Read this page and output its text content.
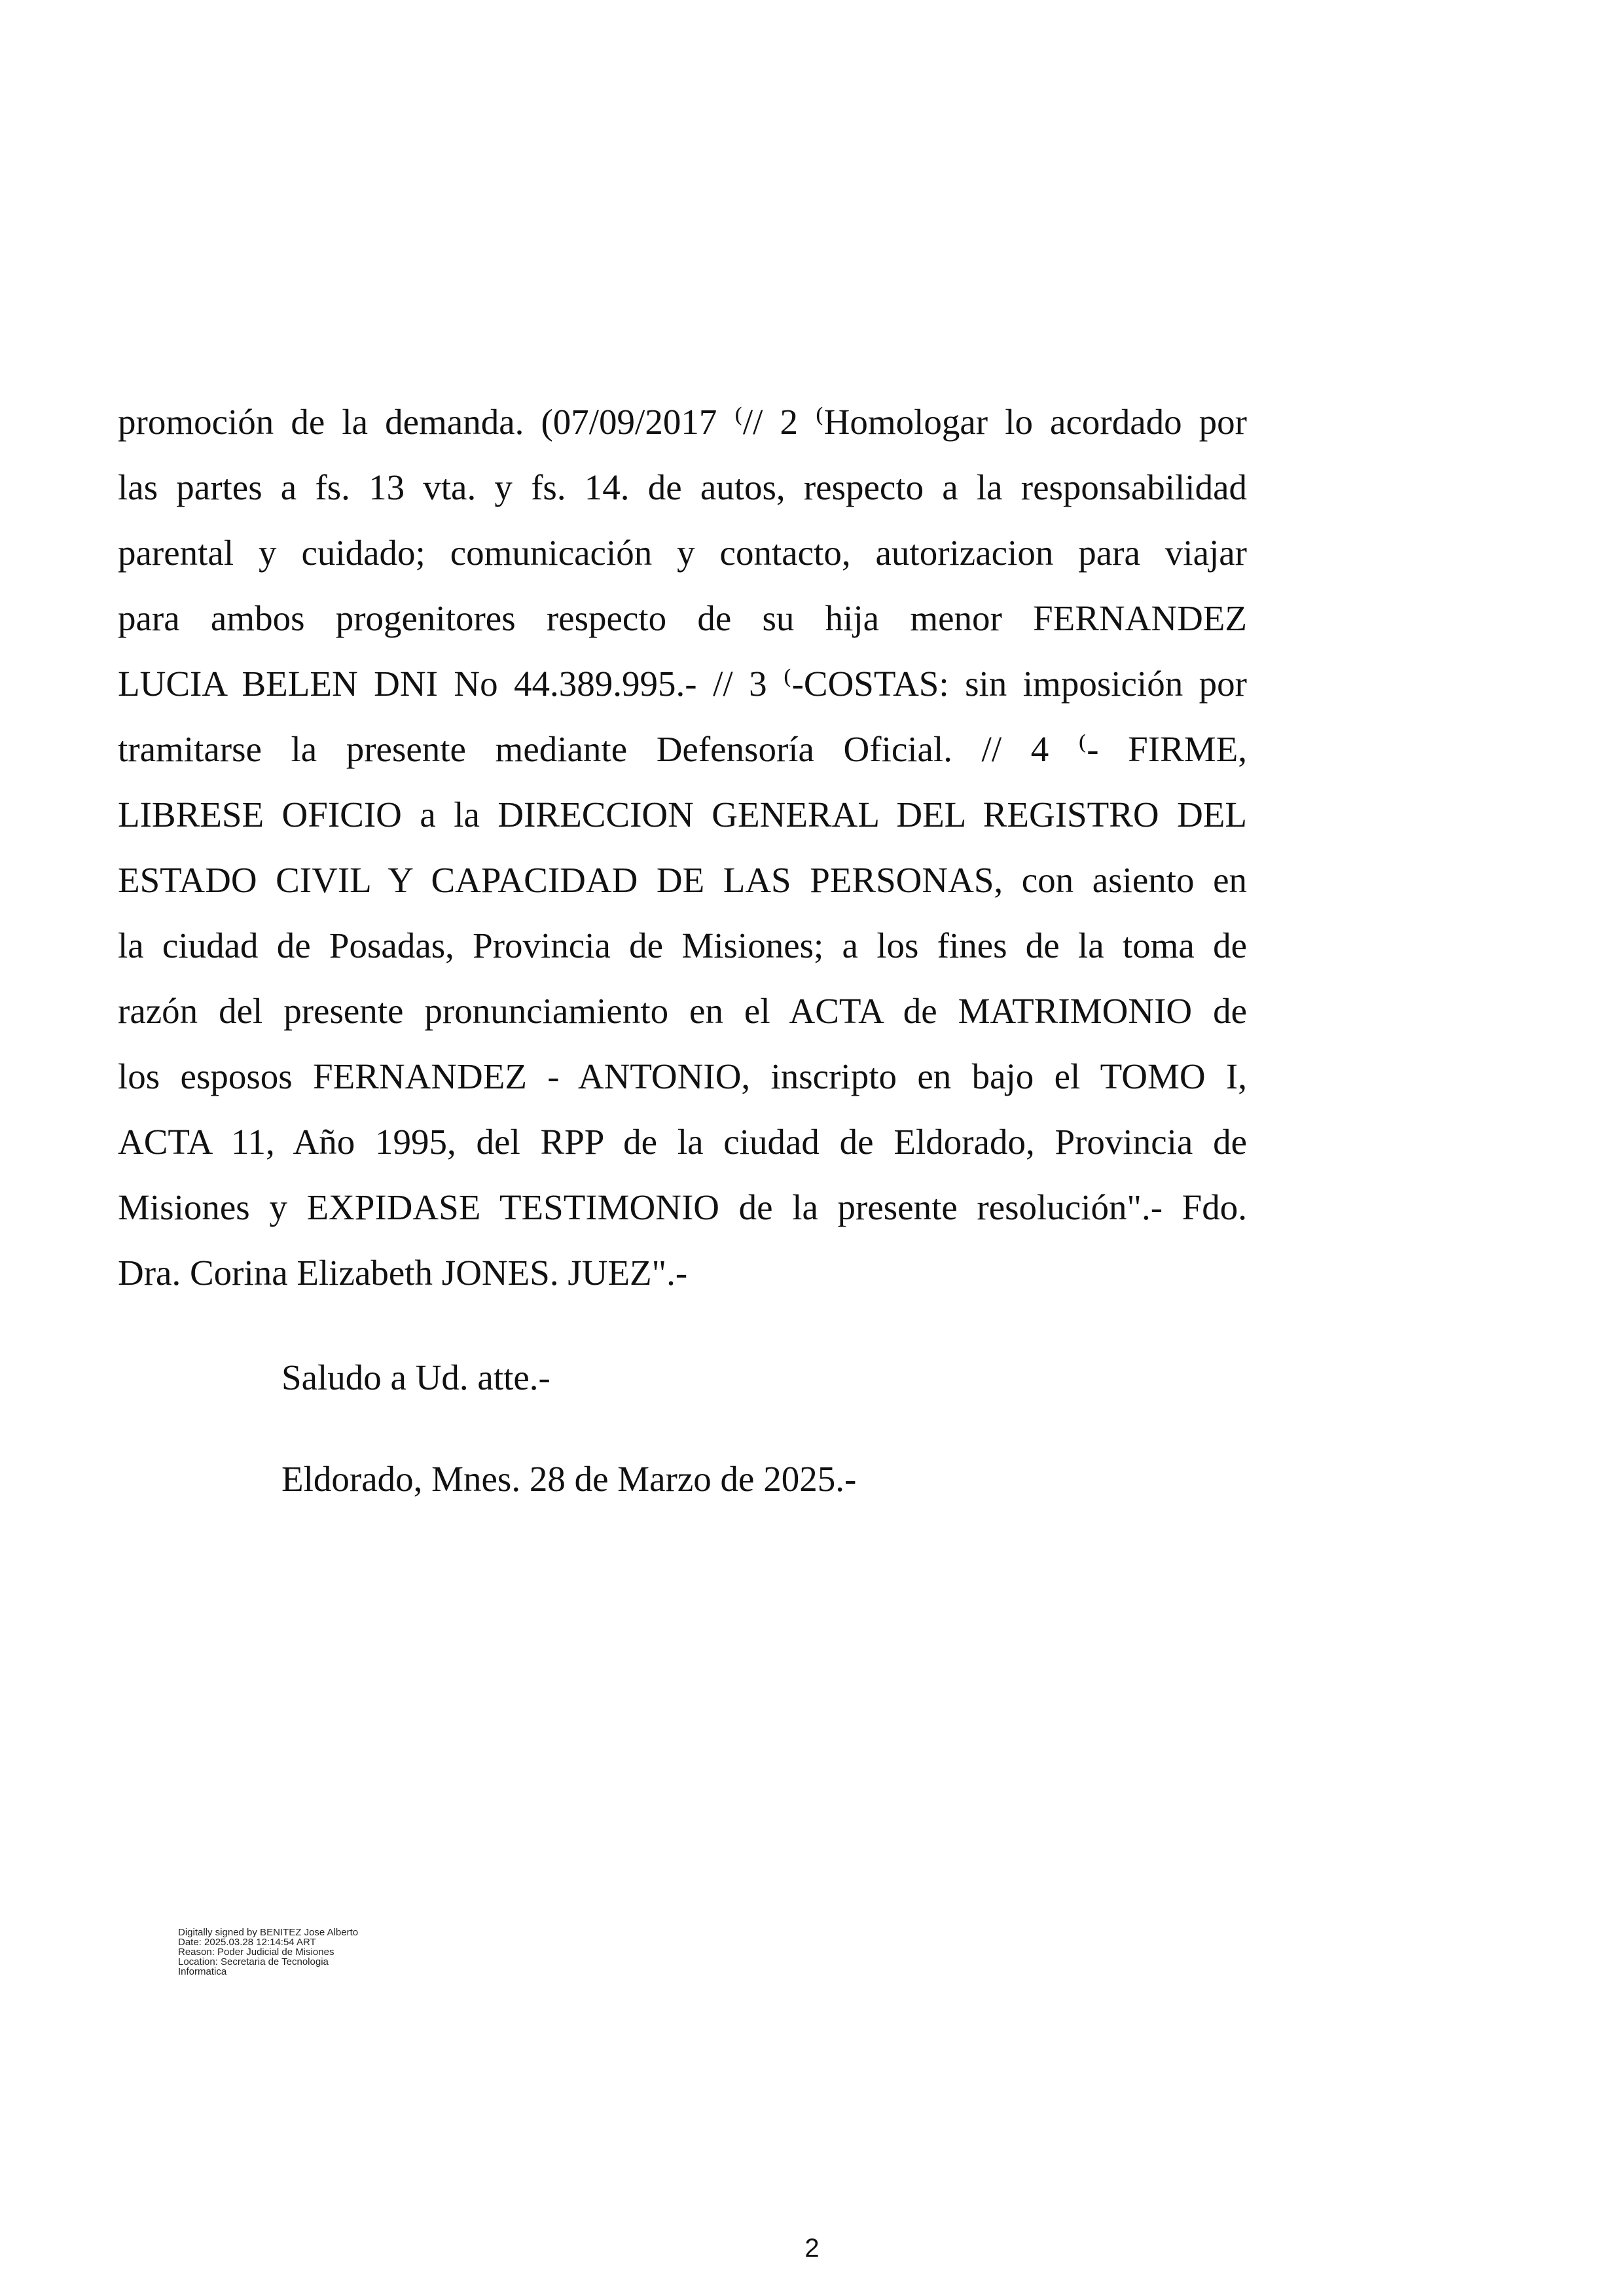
promoción de la demanda. (07/09/2017 ⁽// 2 ⁽Homologar lo acordado por
las partes a fs. 13 vta. y fs. 14. de autos, respecto a la responsabilidad
parental y cuidado; comunicación y contacto, autorizacion para viajar
para ambos progenitores respecto de su hija menor FERNANDEZ
LUCIA BELEN DNI No 44.389.995.- // 3 ⁽-COSTAS: sin imposición por
tramitarse la presente mediante Defensoría Oficial. // 4 ⁽- FIRME,
LIBRESE OFICIO a la DIRECCION GENERAL DEL REGISTRO DEL
ESTADO CIVIL Y CAPACIDAD DE LAS PERSONAS, con asiento en
la ciudad de Posadas, Provincia de Misiones; a los fines de la toma de
razón del presente pronunciamiento en el ACTA de MATRIMONIO de
los esposos FERNANDEZ - ANTONIO, inscripto en bajo el TOMO I,
ACTA 11, Año 1995, del RPP de la ciudad de Eldorado, Provincia de
Misiones y EXPIDASE TESTIMONIO de la presente resolución".- Fdo.
Dra. Corina Elizabeth JONES. JUEZ".-
Saludo a Ud. atte.-
Eldorado, Mnes. 28 de Marzo de 2025.-
Digitally signed by BENITEZ Jose Alberto
Date: 2025.03.28 12:14:54 ART
Reason: Poder Judicial de Misiones
Location: Secretaria de Tecnologia
Informatica
2
